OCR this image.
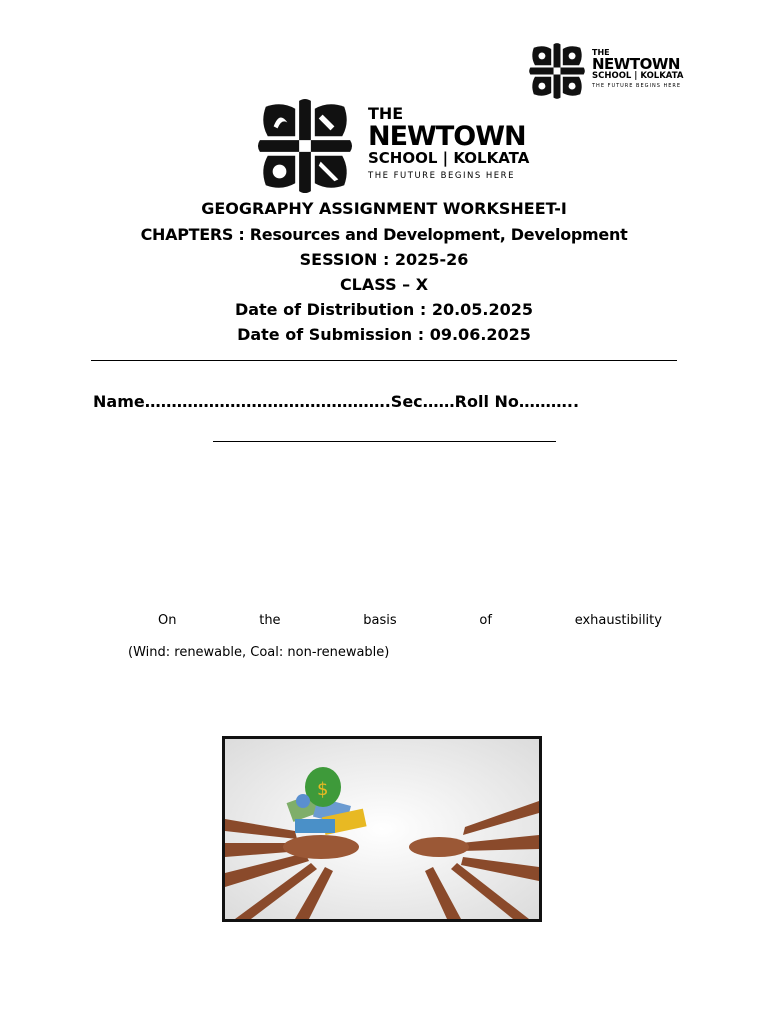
THE
NEWTOWN
SCHOOL | KOLKATA
THE FUTURE BEGINS HERE
THE
NEWTOWN
SCHOOL | KOLKATA
THE FUTURE BEGINS HERE
GEOGRAPHY ASSIGNMENT WORKSHEET-I
CHAPTERS : Resources and Development, Development
SESSION : 2025-26
CLASS – X
Date of Distribution : 20.05.2025
Date of Submission : 09.06.2025
Name……………………………………….Sec……Roll No………..
On	the	basis	of	exhaustibility
(Wind: renewable, Coal: non-renewable)
$
